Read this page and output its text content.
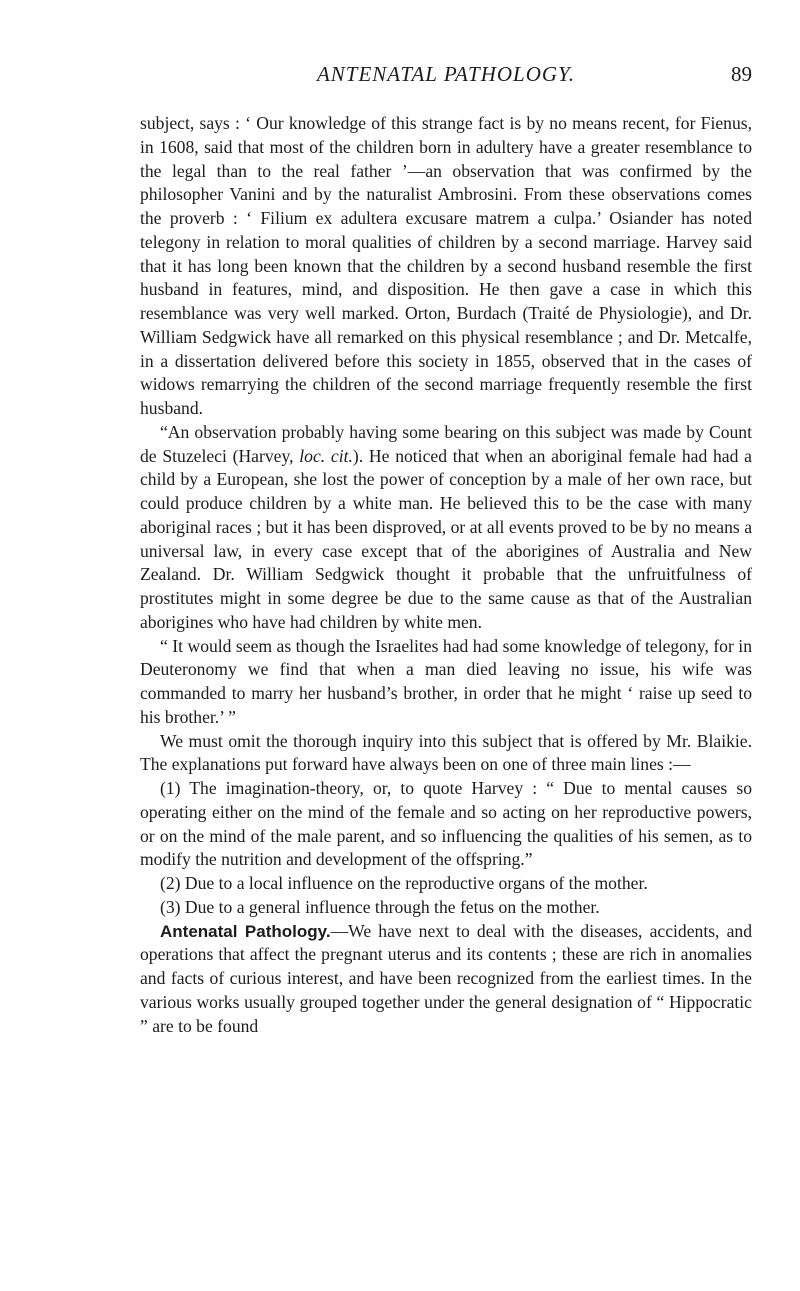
ANTENATAL PATHOLOGY.	89

subject, says : ‘ Our knowledge of this strange fact is by no means recent, for Fienus, in 1608, said that most of the children born in adultery have a greater resemblance to the legal than to the real father ’—an observation that was confirmed by the philosopher Vanini and by the naturalist Ambrosini. From these observations comes the proverb : ‘ Filium ex adultera excusare matrem a culpa.’ Osiander has noted telegony in relation to moral qualities of children by a second marriage. Harvey said that it has long been known that the children by a second husband resemble the first husband in features, mind, and disposition. He then gave a case in which this resemblance was very well marked. Orton, Burdach (Traité de Physiologie), and Dr. William Sedgwick have all remarked on this physical resemblance ; and Dr. Metcalfe, in a dissertation delivered before this society in 1855, observed that in the cases of widows remarrying the children of the second marriage frequently resemble the first husband.

“An observation probably having some bearing on this subject was made by Count de Stuzeleci (Harvey, loc. cit.). He noticed that when an aboriginal female had had a child by a European, she lost the power of conception by a male of her own race, but could produce children by a white man. He believed this to be the case with many aboriginal races ; but it has been disproved, or at all events proved to be by no means a universal law, in every case except that of the aborigines of Australia and New Zealand. Dr. William Sedgwick thought it probable that the unfruitfulness of prostitutes might in some degree be due to the same cause as that of the Australian aborigines who have had children by white men.

“ It would seem as though the Israelites had had some knowledge of telegony, for in Deuteronomy we find that when a man died leaving no issue, his wife was commanded to marry her husband’s brother, in order that he might ‘ raise up seed to his brother.’ ”

We must omit the thorough inquiry into this subject that is offered by Mr. Blaikie. The explanations put forward have always been on one of three main lines :—

(1) The imagination-theory, or, to quote Harvey : “ Due to mental causes so operating either on the mind of the female and so acting on her reproductive powers, or on the mind of the male parent, and so influencing the qualities of his semen, as to modify the nutrition and development of the offspring.”

(2) Due to a local influence on the reproductive organs of the mother.

(3) Due to a general influence through the fetus on the mother.

Antenatal Pathology.—We have next to deal with the diseases, accidents, and operations that affect the pregnant uterus and its contents ; these are rich in anomalies and facts of curious interest, and have been recognized from the earliest times. In the various works usually grouped together under the general designation of “ Hippocratic ” are to be found
